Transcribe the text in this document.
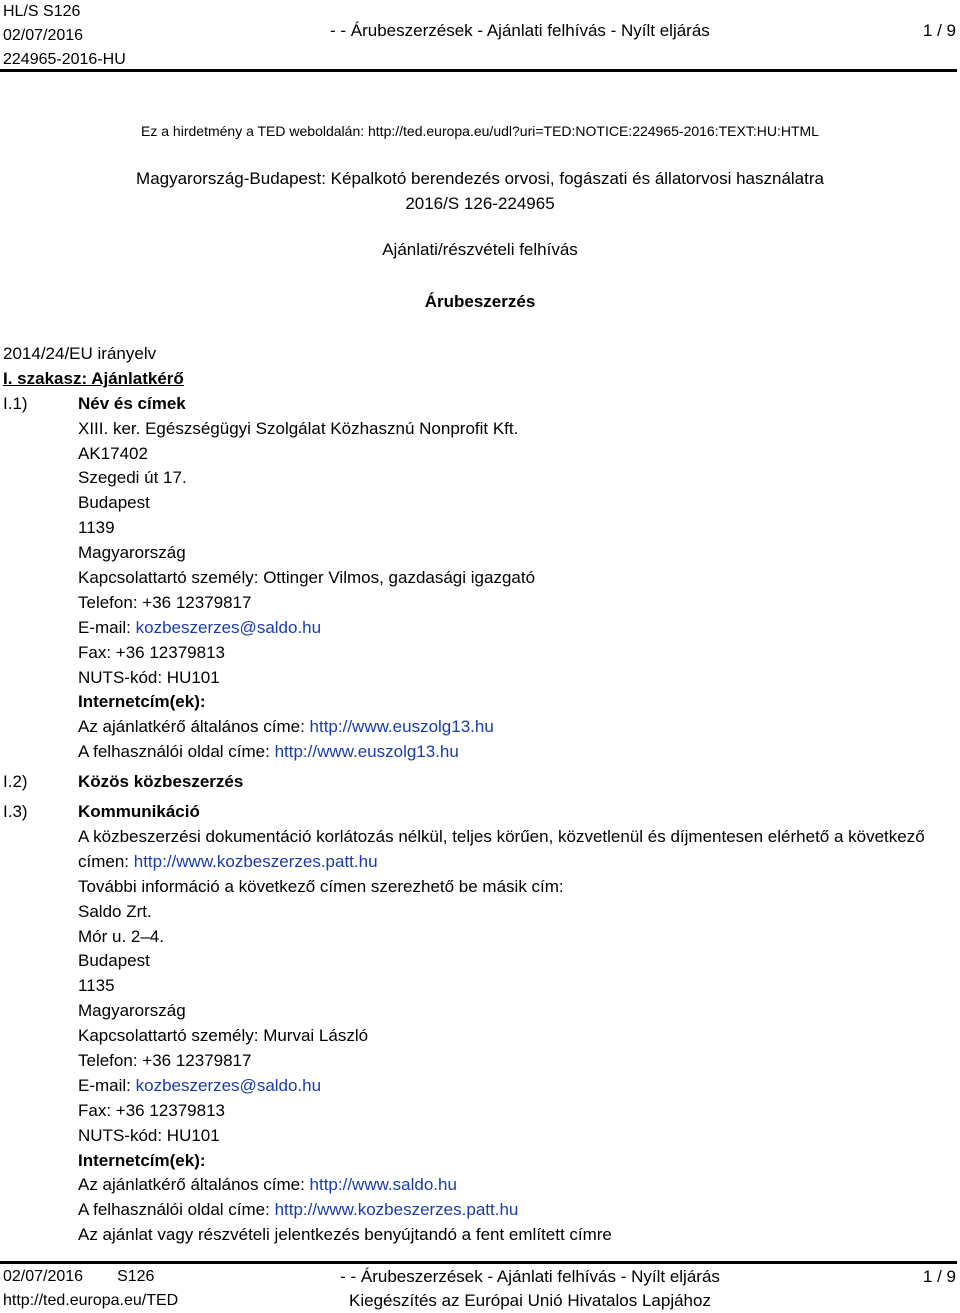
HL/S S126
02/07/2016
224965-2016-HU
- - Árubeszerzések - Ajánlati felhívás - Nyílt eljárás	1 / 9
Ez a hirdetmény a TED weboldalán: http://ted.europa.eu/udl?uri=TED:NOTICE:224965-2016:TEXT:HU:HTML
Magyarország-Budapest: Képalkotó berendezés orvosi, fogászati és állatorvosi használatra
2016/S 126-224965
Ajánlati/részvételi felhívás
Árubeszerzés
2014/24/EU irányelv
I. szakasz: Ajánlatkérő
I.1)	Név és címek
XIII. ker. Egészségügyi Szolgálat Közhasznú Nonprofit Kft.
AK17402
Szegedi út 17.
Budapest
1139
Magyarország
Kapcsolattartó személy: Ottinger Vilmos, gazdasági igazgató
Telefon: +36 12379817
E-mail: kozbeszerzes@saldo.hu
Fax: +36 12379813
NUTS-kód: HU101
Internetcím(ek):
Az ajánlatkérő általános címe: http://www.euszolg13.hu
A felhasználói oldal címe: http://www.euszolg13.hu
I.2)	Közös közbeszerzés
I.3)	Kommunikáció
A közbeszerzési dokumentáció korlátozás nélkül, teljes körűen, közvetlenül és díjmentesen elérhető a következő címen: http://www.kozbeszerzes.patt.hu
További információ a következő címen szerezhető be másik cím:
Saldo Zrt.
Mór u. 2–4.
Budapest
1135
Magyarország
Kapcsolattartó személy: Murvai László
Telefon: +36 12379817
E-mail: kozbeszerzes@saldo.hu
Fax: +36 12379813
NUTS-kód: HU101
Internetcím(ek):
Az ajánlatkérő általános címe: http://www.saldo.hu
A felhasználói oldal címe: http://www.kozbeszerzes.patt.hu
Az ajánlat vagy részvételi jelentkezés benyújtandó a fent említett címre
02/07/2016 S126
http://ted.europa.eu/TED
- - Árubeszerzések - Ajánlati felhívás - Nyílt eljárás
Kiegészítés az Európai Unió Hivatalos Lapjához
1 / 9
